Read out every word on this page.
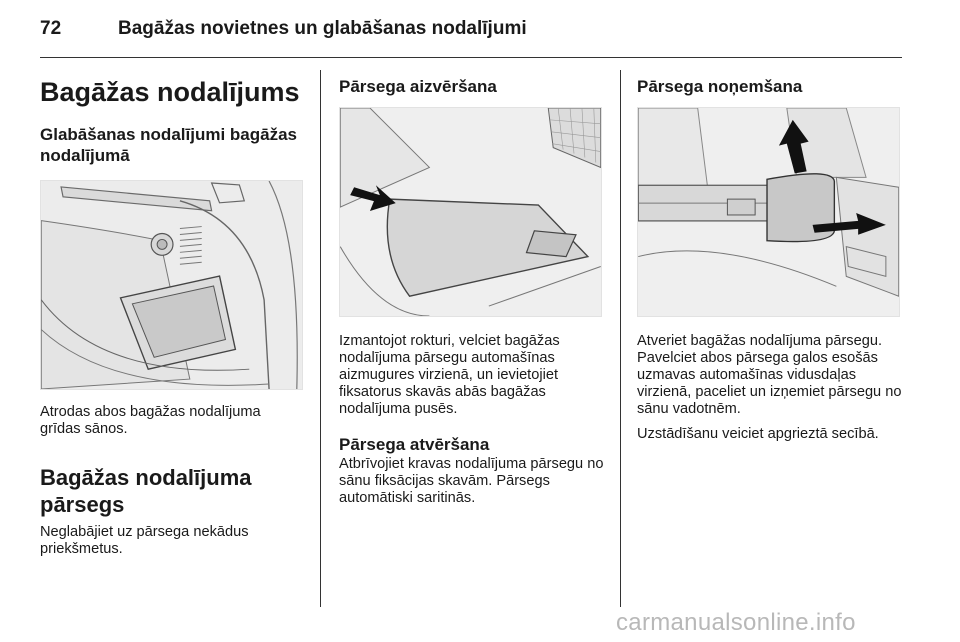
72	Bagāžas novietnes un glabāšanas nodalījumi
Bagāžas nodalījums
Glabāšanas nodalījumi bagāžas nodalījumā

Atrodas abos bagāžas nodalījuma grīdas sānos.

Bagāžas nodalījuma pārsegs

Neglabājiet uz pārsega nekādus priekšmetus.

Pārsega aizvēršana

Izmantojot rokturi, velciet bagāžas nodalījuma pārsegu automašīnas aizmugures virzienā, un ievietojiet fiksatorus skavās abās bagāžas nodalījuma pusēs.

Pārsega atvēršana

Atbrīvojiet kravas nodalījuma pārsegu no sānu fiksācijas skavām. Pārsegs automātiski saritinās.

Pārsega noņemšana

Atveriet bagāžas nodalījuma pārsegu. Pavelciet abos pārsega galos esošās uzmavas automašīnas vidusdaļas virzienā, paceliet un izņemiet pārsegu no sānu vadotnēm.

Uzstādīšanu veiciet apgrieztā secībā.

carmanualsonline.info
